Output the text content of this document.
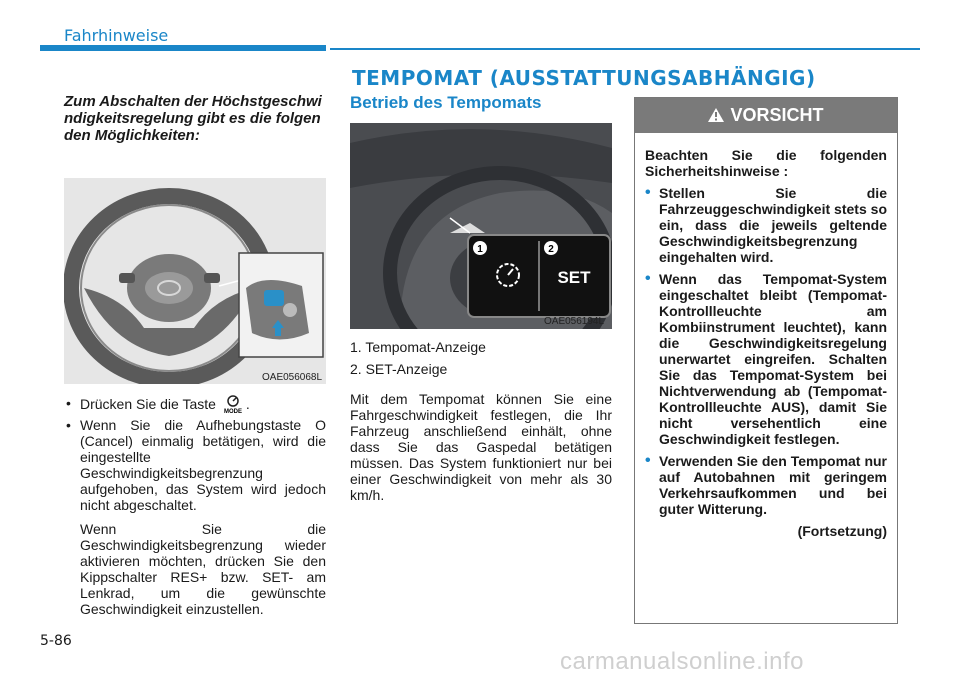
Fahrhinweise
TEMPOMAT (AUSSTATTUNGSABHÄNGIG)
Zum Abschalten der Höchstgeschwindigkeitsregelung gibt es die folgenden Möglichkeiten:
OAE056068L
• Drücken Sie die Taste MODE .
• Wenn Sie die Aufhebungstaste O (Cancel) einmalig betätigen, wird die eingestellte Geschwindigkeitsbegrenzung aufgehoben, das System wird jedoch nicht abgeschaltet.
Wenn Sie die Geschwindigkeitsbegrenzung wieder aktivieren möchten, drücken Sie den Kippschalter RES+ bzw. SET- am Lenkrad, um die gewünschte Geschwindigkeit einzustellen.
Betrieb des Tempomats
1	2
SET
OAE056194L
1. Tempomat-Anzeige
2. SET-Anzeige
Mit dem Tempomat können Sie eine Fahrgeschwindigkeit festlegen, die Ihr Fahrzeug anschließend einhält, ohne dass Sie das Gaspedal betätigen müssen. Das System funktioniert nur bei einer Geschwindigkeit von mehr als 30 km/h.
VORSICHT
Beachten Sie die folgenden Sicherheitshinweise :
• Stellen Sie die Fahrzeuggeschwindigkeit stets so ein, dass die jeweils geltende Geschwindigkeitsbegrenzung eingehalten wird.
• Wenn das Tempomat-System eingeschaltet bleibt (Tempomat-Kontrollleuchte am Kombiinstrument leuchtet), kann die Geschwindigkeitsregelung unerwartet eingreifen. Schalten Sie das Tempomat-System bei Nichtverwendung ab (Tempomat-Kontrollleuchte AUS), damit Sie nicht versehentlich eine Geschwindigkeit festlegen.
• Verwenden Sie den Tempomat nur auf Autobahnen mit geringem Verkehrsaufkommen und bei guter Witterung.
(Fortsetzung)
5-86
carmanualsonline.info
